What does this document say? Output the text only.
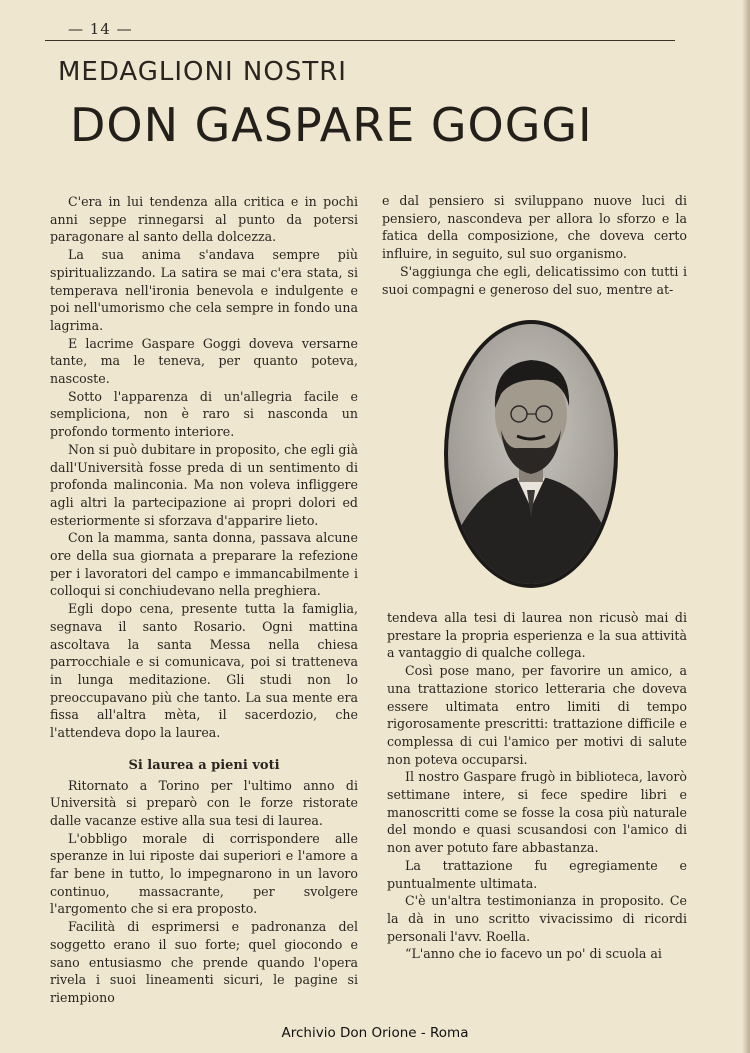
— 14 —
MEDAGLIONI NOSTRI
DON GASPARE GOGGI

C'era in lui tendenza alla critica e in pochi anni seppe rinnegarsi al punto da potersi paragonare al santo della dolcezza.

La sua anima s'andava sempre più spiritualizzando. La satira se mai c'era stata, si temperava nell'ironia benevola e indulgente e poi nell'umorismo che cela sempre in fondo una lagrima.

E lacrime Gaspare Goggi doveva versarne tante, ma le teneva, per quanto poteva, nascoste.

Sotto l'apparenza di un'allegria facile e sempliciona, non è raro si nasconda un profondo tormento interiore.

Non si può dubitare in proposito, che egli già dall'Università fosse preda di un sentimento di profonda malinconia. Ma non voleva infliggere agli altri la partecipazione ai propri dolori ed esteriormente si sforzava d'apparire lieto.

Con la mamma, santa donna, passava alcune ore della sua giornata a preparare la refezione per i lavoratori del campo e immancabilmente i colloqui si conchiudevano nella preghiera.

Egli dopo cena, presente tutta la famiglia, segnava il santo Rosario. Ogni mattina ascoltava la santa Messa nella chiesa parrocchiale e si comunicava, poi si tratteneva in lunga meditazione. Gli studi non lo preoccupavano più che tanto. La sua mente era fissa all'altra mèta, il sacerdozio, che l'attendeva dopo la laurea.

Si laurea a pieni voti

Ritornato a Torino per l'ultimo anno di Università si preparò con le forze ristorate dalle vacanze estive alla sua tesi di laurea.

L'obbligo morale di corrispondere alle speranze in lui riposte dai superiori e l'amore a far bene in tutto, lo impegnarono in un lavoro continuo, massacrante, per svolgere l'argomento che si era proposto.

Facilità di esprimersi e padronanza del soggetto erano il suo forte; quel giocondo e sano entusiasmo che prende quando l'opera rivela i suoi lineamenti sicuri, le pagine si riempiono

e dal pensiero si sviluppano nuove luci di pensiero, nascondeva per allora lo sforzo e la fatica della composizione, che doveva certo influire, in seguito, sul suo organismo.

S'aggiunga che egli, delicatissimo con tutti i suoi compagni e generoso del suo, mentre at-

tendeva alla tesi di laurea non ricusò mai di prestare la propria esperienza e la sua attività a vantaggio di qualche collega.

Così pose mano, per favorire un amico, a una trattazione storico letteraria che doveva essere ultimata entro limiti di tempo rigorosamente prescritti: trattazione difficile e complessa di cui l'amico per motivi di salute non poteva occuparsi.

Il nostro Gaspare frugò in biblioteca, lavorò settimane intere, si fece spedire libri e manoscritti come se fosse la cosa più naturale del mondo e quasi scusandosi con l'amico di non aver potuto fare abbastanza.

La trattazione fu egregiamente e puntualmente ultimata.

C'è un'altra testimonianza in proposito. Ce la dà in uno scritto vivacissimo di ricordi personali l'avv. Roella.

“L'anno che io facevo un po' di scuola ai

Archivio Don Orione - Roma
